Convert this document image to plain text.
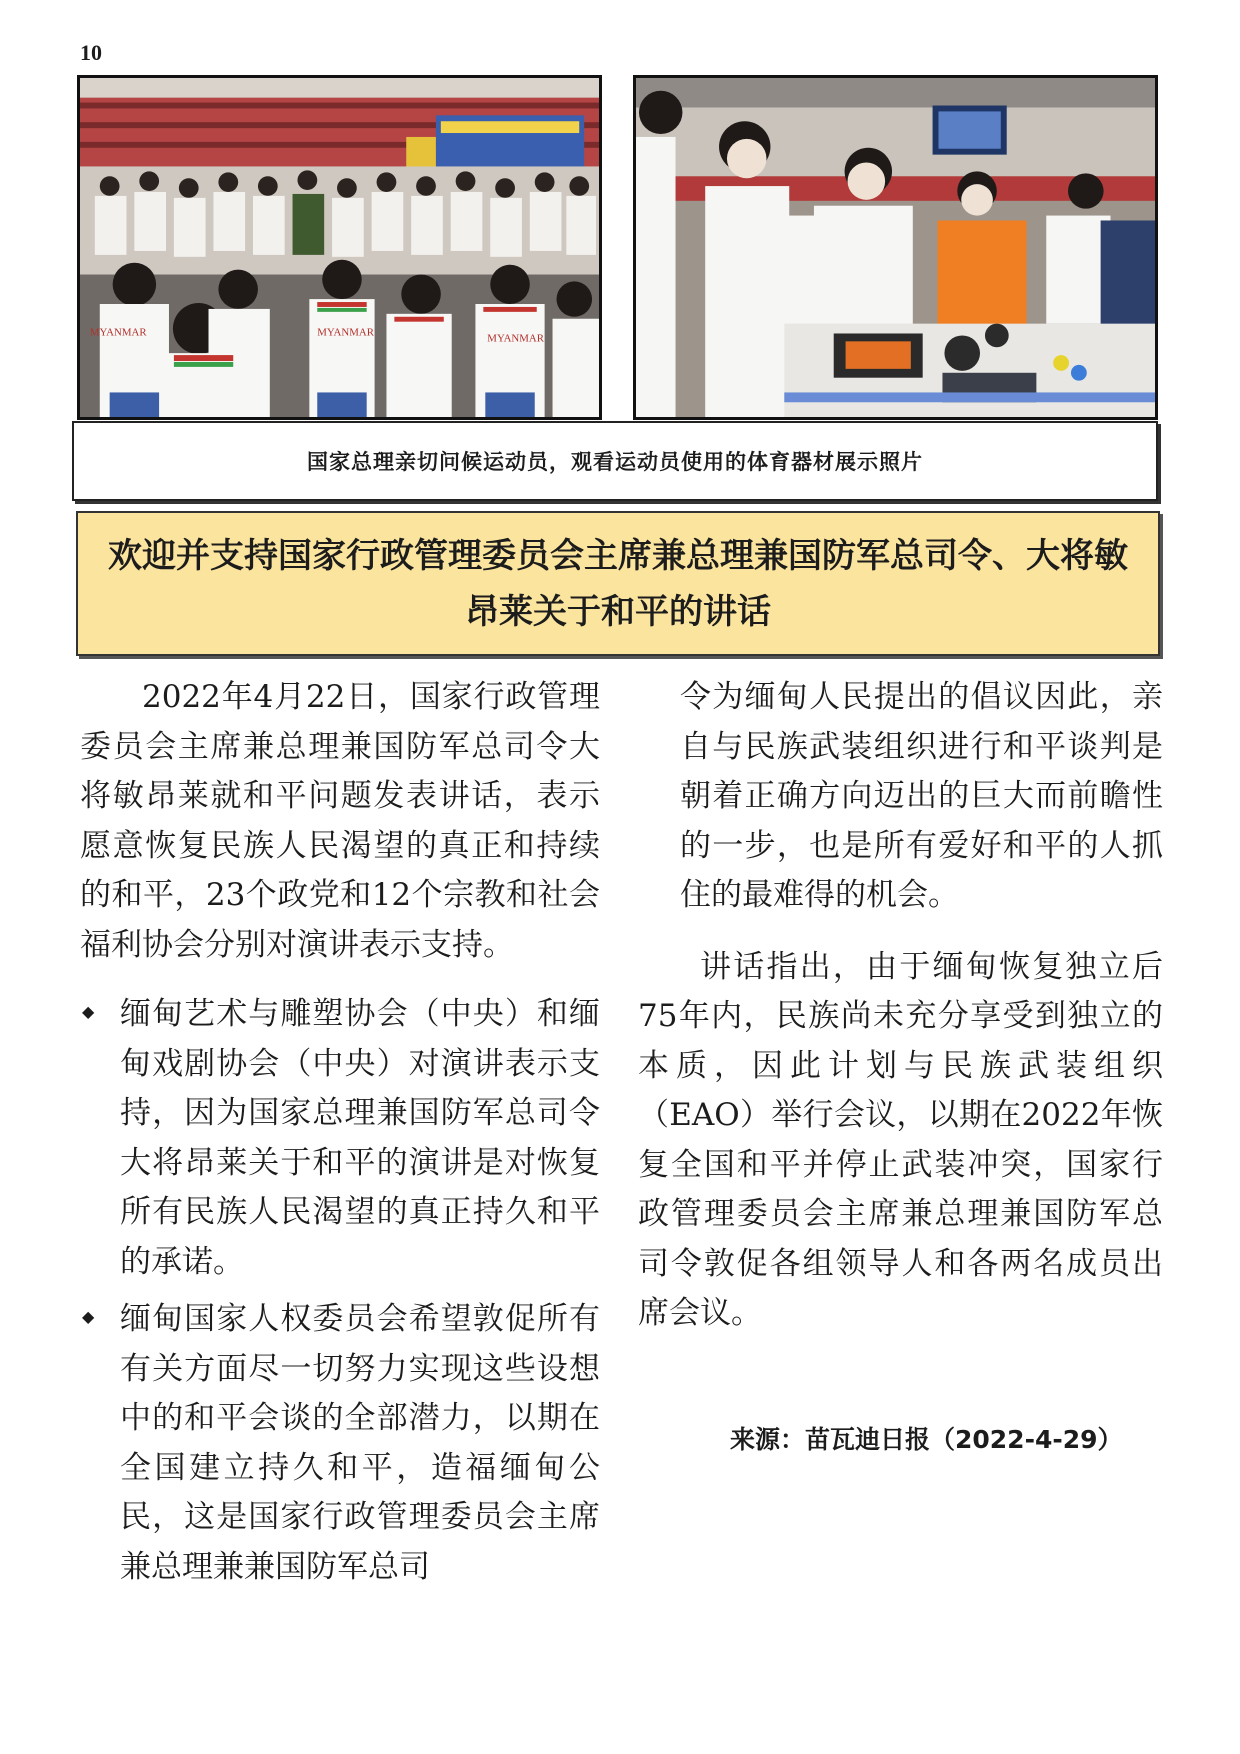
10
MYANMAR	MYANMAR	MYANMAR
国家总理亲切问候运动员，观看运动员使用的体育器材展示照片
欢迎并支持国家行政管理委员会主席兼总理兼国防军总司令、大将敏昂莱关于和平的讲话

2022年4月22日，国家行政管理委员会主席兼总理兼国防军总司令大将敏昂莱就和平问题发表讲话，表示愿意恢复民族人民渴望的真正和持续的和平，23个政党和12个宗教和社会福利协会分别对演讲表示支持。

◆ 缅甸艺术与雕塑协会（中央）和缅甸戏剧协会（中央）对演讲表示支持，因为国家总理兼国防军总司令大将昂莱关于和平的演讲是对恢复所有民族人民渴望的真正持久和平的承诺。
◆ 缅甸国家人权委员会希望敦促所有有关方面尽一切努力实现这些设想中的和平会谈的全部潜力，以期在全国建立持久和平，造福缅甸公民，这是国家行政管理委员会主席兼总理兼兼国防军总司

令为缅甸人民提出的倡议因此，亲自与民族武装组织进行和平谈判是朝着正确方向迈出的巨大而前瞻性的一步，也是所有爱好和平的人抓住的最难得的机会。

讲话指出，由于缅甸恢复独立后75年内，民族尚未充分享受到独立的本质，因此计划与民族武装组织（EAO）举行会议，以期在2022年恢复全国和平并停止武装冲突，国家行政管理委员会主席兼总理兼国防军总司令敦促各组领导人和各两名成员出席会议。

来源：苗瓦迪日报（2022-4-29）
